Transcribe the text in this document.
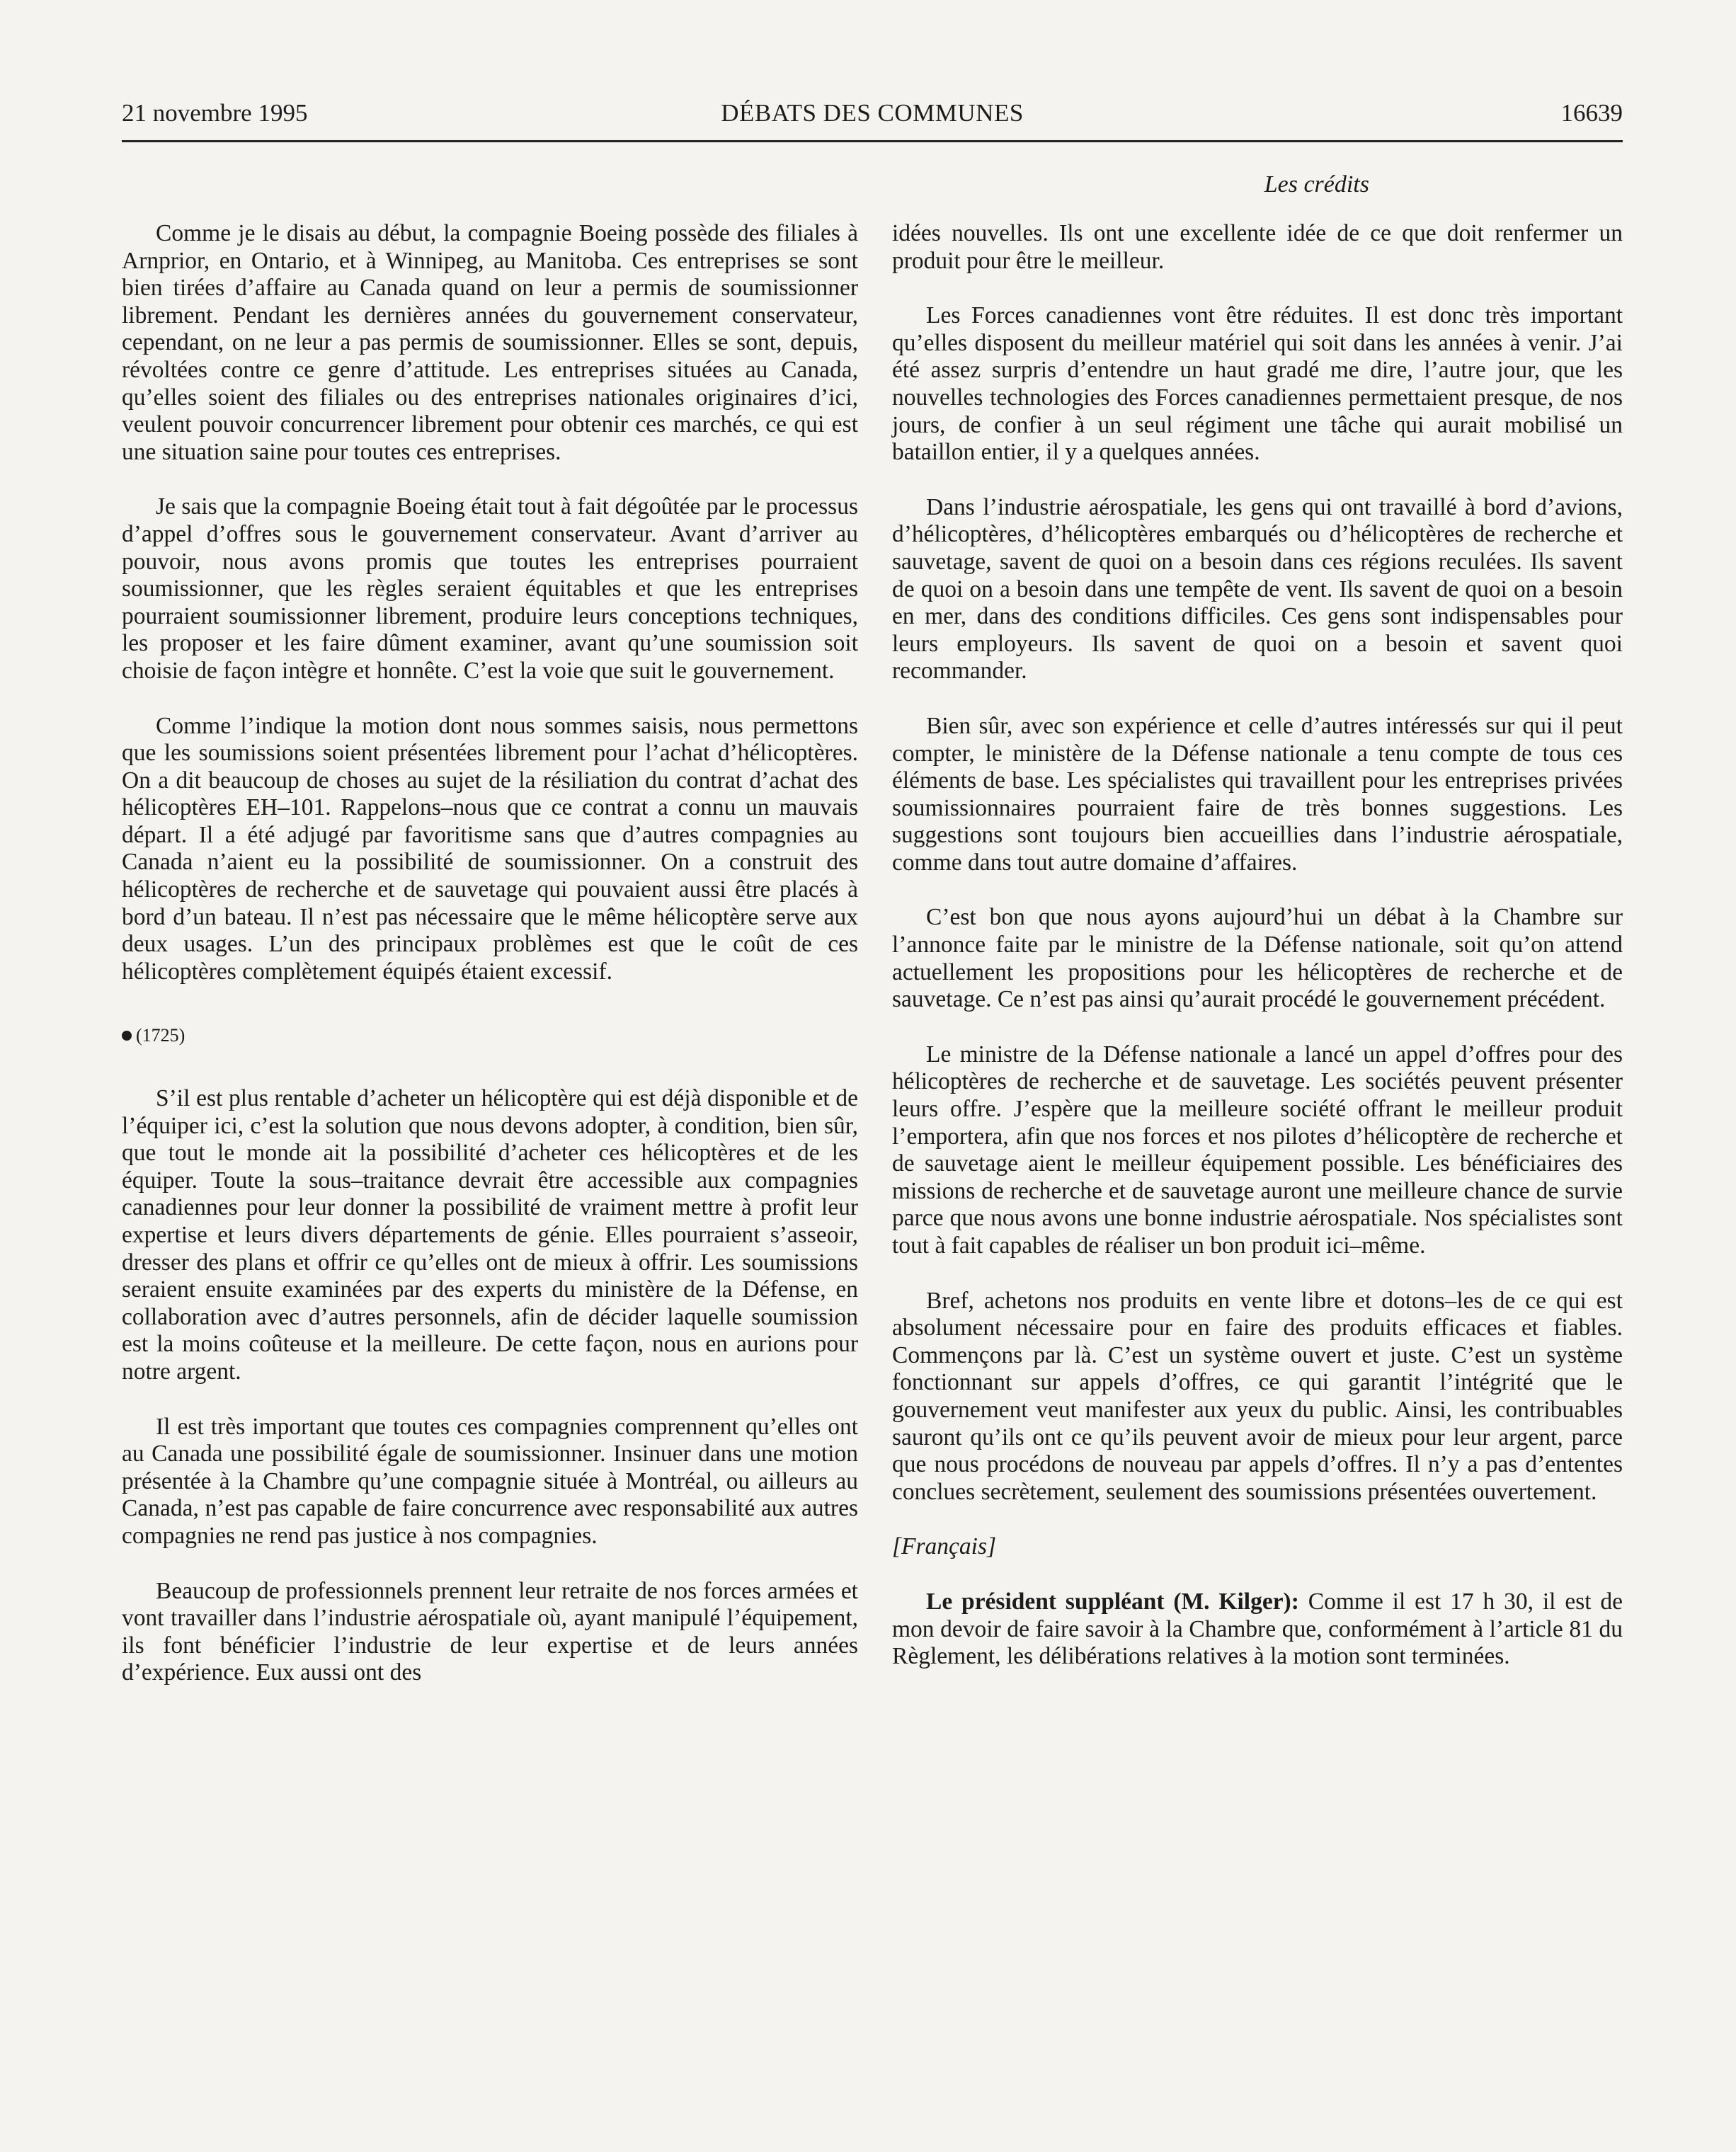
21 novembre 1995	DÉBATS DES COMMUNES	16639
Les crédits

Comme je le disais au début, la compagnie Boeing possède des filiales à Arnprior, en Ontario, et à Winnipeg, au Manitoba. Ces entreprises se sont bien tirées d’affaire au Canada quand on leur a permis de soumissionner librement. Pendant les dernières années du gouvernement conservateur, cependant, on ne leur a pas permis de soumissionner. Elles se sont, depuis, révoltées contre ce genre d’attitude. Les entreprises situées au Canada, qu’elles soient des filiales ou des entreprises nationales originaires d’ici, veulent pouvoir concurrencer librement pour obtenir ces marchés, ce qui est une situation saine pour toutes ces entreprises.

Je sais que la compagnie Boeing était tout à fait dégoûtée par le processus d’appel d’offres sous le gouvernement conservateur. Avant d’arriver au pouvoir, nous avons promis que toutes les entreprises pourraient soumissionner, que les règles seraient équitables et que les entreprises pourraient soumissionner librement, produire leurs conceptions techniques, les proposer et les faire dûment examiner, avant qu’une soumission soit choisie de façon intègre et honnête. C’est la voie que suit le gouvernement.

Comme l’indique la motion dont nous sommes saisis, nous permettons que les soumissions soient présentées librement pour l’achat d’hélicoptères. On a dit beaucoup de choses au sujet de la résiliation du contrat d’achat des hélicoptères EH–101. Rappelons–nous que ce contrat a connu un mauvais départ. Il a été adjugé par favoritisme sans que d’autres compagnies au Canada n’aient eu la possibilité de soumissionner. On a construit des hélicoptères de recherche et de sauvetage qui pouvaient aussi être placés à bord d’un bateau. Il n’est pas nécessaire que le même hélicoptère serve aux deux usages. L’un des principaux problèmes est que le coût de ces hélicoptères complètement équipés étaient excessif.

(1725)

S’il est plus rentable d’acheter un hélicoptère qui est déjà disponible et de l’équiper ici, c’est la solution que nous devons adopter, à condition, bien sûr, que tout le monde ait la possibilité d’acheter ces hélicoptères et de les équiper. Toute la sous–traitance devrait être accessible aux compagnies canadiennes pour leur donner la possibilité de vraiment mettre à profit leur expertise et leurs divers départements de génie. Elles pourraient s’asseoir, dresser des plans et offrir ce qu’elles ont de mieux à offrir. Les soumissions seraient ensuite examinées par des experts du ministère de la Défense, en collaboration avec d’autres personnels, afin de décider laquelle soumission est la moins coûteuse et la meilleure. De cette façon, nous en aurions pour notre argent.

Il est très important que toutes ces compagnies comprennent qu’elles ont au Canada une possibilité égale de soumissionner. Insinuer dans une motion présentée à la Chambre qu’une compagnie située à Montréal, ou ailleurs au Canada, n’est pas capable de faire concurrence avec responsabilité aux autres compagnies ne rend pas justice à nos compagnies.

Beaucoup de professionnels prennent leur retraite de nos forces armées et vont travailler dans l’industrie aérospatiale où, ayant manipulé l’équipement, ils font bénéficier l’industrie de leur expertise et de leurs années d’expérience. Eux aussi ont des

idées nouvelles. Ils ont une excellente idée de ce que doit renfermer un produit pour être le meilleur.

Les Forces canadiennes vont être réduites. Il est donc très important qu’elles disposent du meilleur matériel qui soit dans les années à venir. J’ai été assez surpris d’entendre un haut gradé me dire, l’autre jour, que les nouvelles technologies des Forces canadiennes permettaient presque, de nos jours, de confier à un seul régiment une tâche qui aurait mobilisé un bataillon entier, il y a quelques années.

Dans l’industrie aérospatiale, les gens qui ont travaillé à bord d’avions, d’hélicoptères, d’hélicoptères embarqués ou d’hélicoptères de recherche et sauvetage, savent de quoi on a besoin dans ces régions reculées. Ils savent de quoi on a besoin dans une tempête de vent. Ils savent de quoi on a besoin en mer, dans des conditions difficiles. Ces gens sont indispensables pour leurs employeurs. Ils savent de quoi on a besoin et savent quoi recommander.

Bien sûr, avec son expérience et celle d’autres intéressés sur qui il peut compter, le ministère de la Défense nationale a tenu compte de tous ces éléments de base. Les spécialistes qui travaillent pour les entreprises privées soumissionnaires pourraient faire de très bonnes suggestions. Les suggestions sont toujours bien accueillies dans l’industrie aérospatiale, comme dans tout autre domaine d’affaires.

C’est bon que nous ayons aujourd’hui un débat à la Chambre sur l’annonce faite par le ministre de la Défense nationale, soit qu’on attend actuellement les propositions pour les hélicoptères de recherche et de sauvetage. Ce n’est pas ainsi qu’aurait procédé le gouvernement précédent.

Le ministre de la Défense nationale a lancé un appel d’offres pour des hélicoptères de recherche et de sauvetage. Les sociétés peuvent présenter leurs offre. J’espère que la meilleure société offrant le meilleur produit l’emportera, afin que nos forces et nos pilotes d’hélicoptère de recherche et de sauvetage aient le meilleur équipement possible. Les bénéficiaires des missions de recherche et de sauvetage auront une meilleure chance de survie parce que nous avons une bonne industrie aérospatiale. Nos spécialistes sont tout à fait capables de réaliser un bon produit ici–même.

Bref, achetons nos produits en vente libre et dotons–les de ce qui est absolument nécessaire pour en faire des produits efficaces et fiables. Commençons par là. C’est un système ouvert et juste. C’est un système fonctionnant sur appels d’offres, ce qui garantit l’intégrité que le gouvernement veut manifester aux yeux du public. Ainsi, les contribuables sauront qu’ils ont ce qu’ils peuvent avoir de mieux pour leur argent, parce que nous procédons de nouveau par appels d’offres. Il n’y a pas d’ententes conclues secrètement, seulement des soumissions présentées ouvertement.

[Français]

Le président suppléant (M. Kilger): Comme il est 17 h 30, il est de mon devoir de faire savoir à la Chambre que, conformément à l’article 81 du Règlement, les délibérations relatives à la motion sont terminées.
